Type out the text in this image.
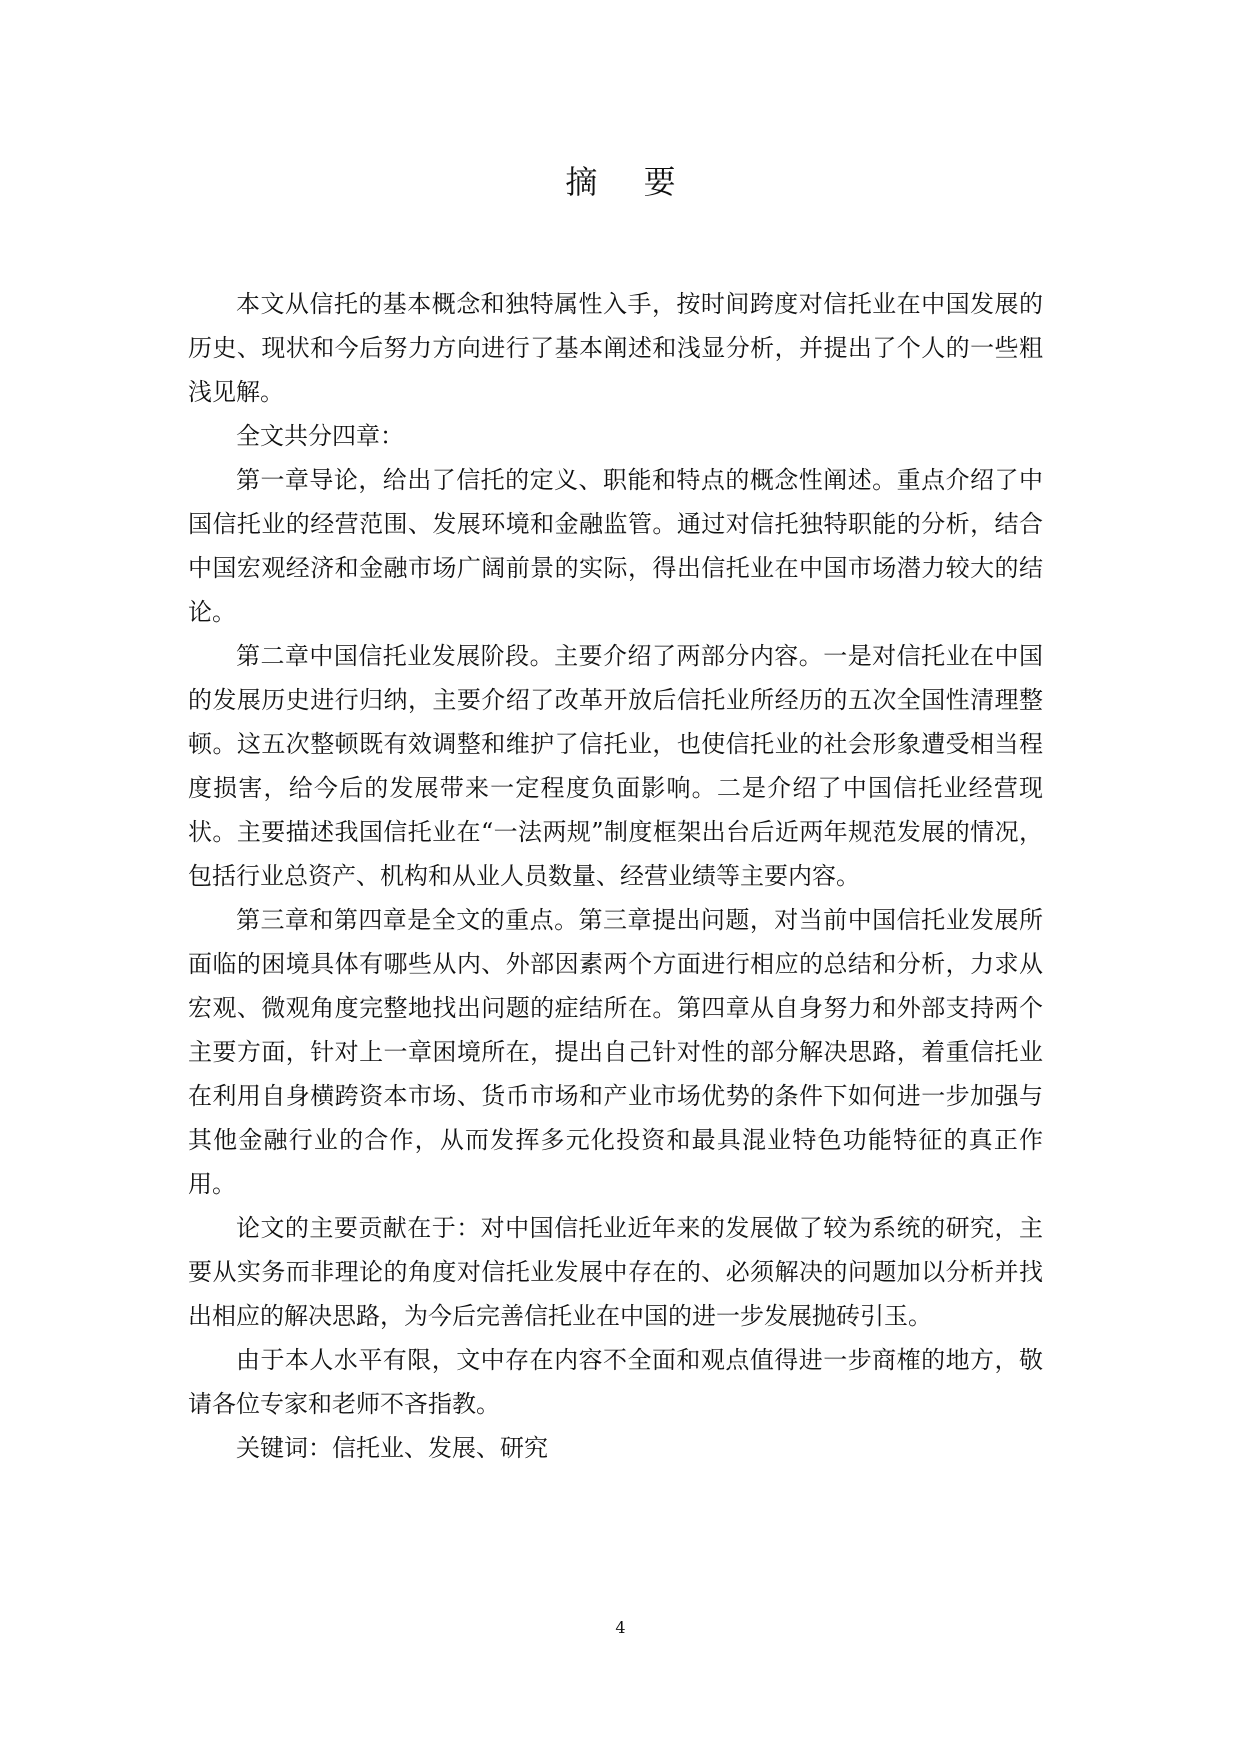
摘 要

本文从信托的基本概念和独特属性入手，按时间跨度对信托业在中国发展的历史、现状和今后努力方向进行了基本阐述和浅显分析，并提出了个人的一些粗浅见解。

全文共分四章：

第一章导论，给出了信托的定义、职能和特点的概念性阐述。重点介绍了中国信托业的经营范围、发展环境和金融监管。通过对信托独特职能的分析，结合中国宏观经济和金融市场广阔前景的实际，得出信托业在中国市场潜力较大的结论。

第二章中国信托业发展阶段。主要介绍了两部分内容。一是对信托业在中国的发展历史进行归纳，主要介绍了改革开放后信托业所经历的五次全国性清理整顿。这五次整顿既有效调整和维护了信托业，也使信托业的社会形象遭受相当程度损害，给今后的发展带来一定程度负面影响。二是介绍了中国信托业经营现状。主要描述我国信托业在“一法两规”制度框架出台后近两年规范发展的情况，包括行业总资产、机构和从业人员数量、经营业绩等主要内容。

第三章和第四章是全文的重点。第三章提出问题，对当前中国信托业发展所面临的困境具体有哪些从内、外部因素两个方面进行相应的总结和分析，力求从宏观、微观角度完整地找出问题的症结所在。第四章从自身努力和外部支持两个主要方面，针对上一章困境所在，提出自己针对性的部分解决思路，着重信托业在利用自身横跨资本市场、货币市场和产业市场优势的条件下如何进一步加强与其他金融行业的合作，从而发挥多元化投资和最具混业特色功能特征的真正作用。

论文的主要贡献在于：对中国信托业近年来的发展做了较为系统的研究，主要从实务而非理论的角度对信托业发展中存在的、必须解决的问题加以分析并找出相应的解决思路，为今后完善信托业在中国的进一步发展抛砖引玉。

由于本人水平有限，文中存在内容不全面和观点值得进一步商榷的地方，敬请各位专家和老师不吝指教。

关键词：信托业、发展、研究

4
